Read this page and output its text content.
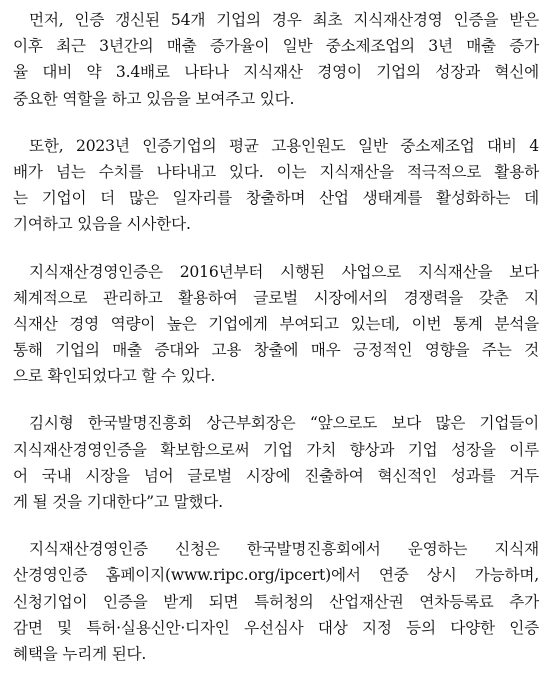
먼저, 인증 갱신된 54개 기업의 경우 최초 지식재산경영 인증을 받은
이후 최근 3년간의 매출 증가율이 일반 중소제조업의 3년 매출 증가
율 대비 약 3.4배로 나타나 지식재산 경영이 기업의 성장과 혁신에
중요한 역할을 하고 있음을 보여주고 있다.
또한, 2023년 인증기업의 평균 고용인원도 일반 중소제조업 대비 4
배가 넘는 수치를 나타내고 있다. 이는 지식재산을 적극적으로 활용하
는 기업이 더 많은 일자리를 창출하며 산업 생태계를 활성화하는 데
기여하고 있음을 시사한다.
지식재산경영인증은 2016년부터 시행된 사업으로 지식재산을 보다
체계적으로 관리하고 활용하여 글로벌 시장에서의 경쟁력을 갖춘 지
식재산 경영 역량이 높은 기업에게 부여되고 있는데, 이번 통계 분석을
통해 기업의 매출 증대와 고용 창출에 매우 긍정적인 영향을 주는 것
으로 확인되었다고 할 수 있다.
김시형 한국발명진흥회 상근부회장은 “앞으로도 보다 많은 기업들이
지식재산경영인증을 확보함으로써 기업 가치 향상과 기업 성장을 이루
어 국내 시장을 넘어 글로벌 시장에 진출하여 혁신적인 성과를 거두
게 될 것을 기대한다”고 말했다.
지식재산경영인증 신청은 한국발명진흥회에서 운영하는 지식재
산경영인증 홈페이지(www.ripc.org/ipcert)에서 연중 상시 가능하며,
신청기업이 인증을 받게 되면 특허청의 산업재산권 연차등록료 추가
감면 및 특허·실용신안·디자인 우선심사 대상 지정 등의 다양한 인증
혜택을 누리게 된다.
